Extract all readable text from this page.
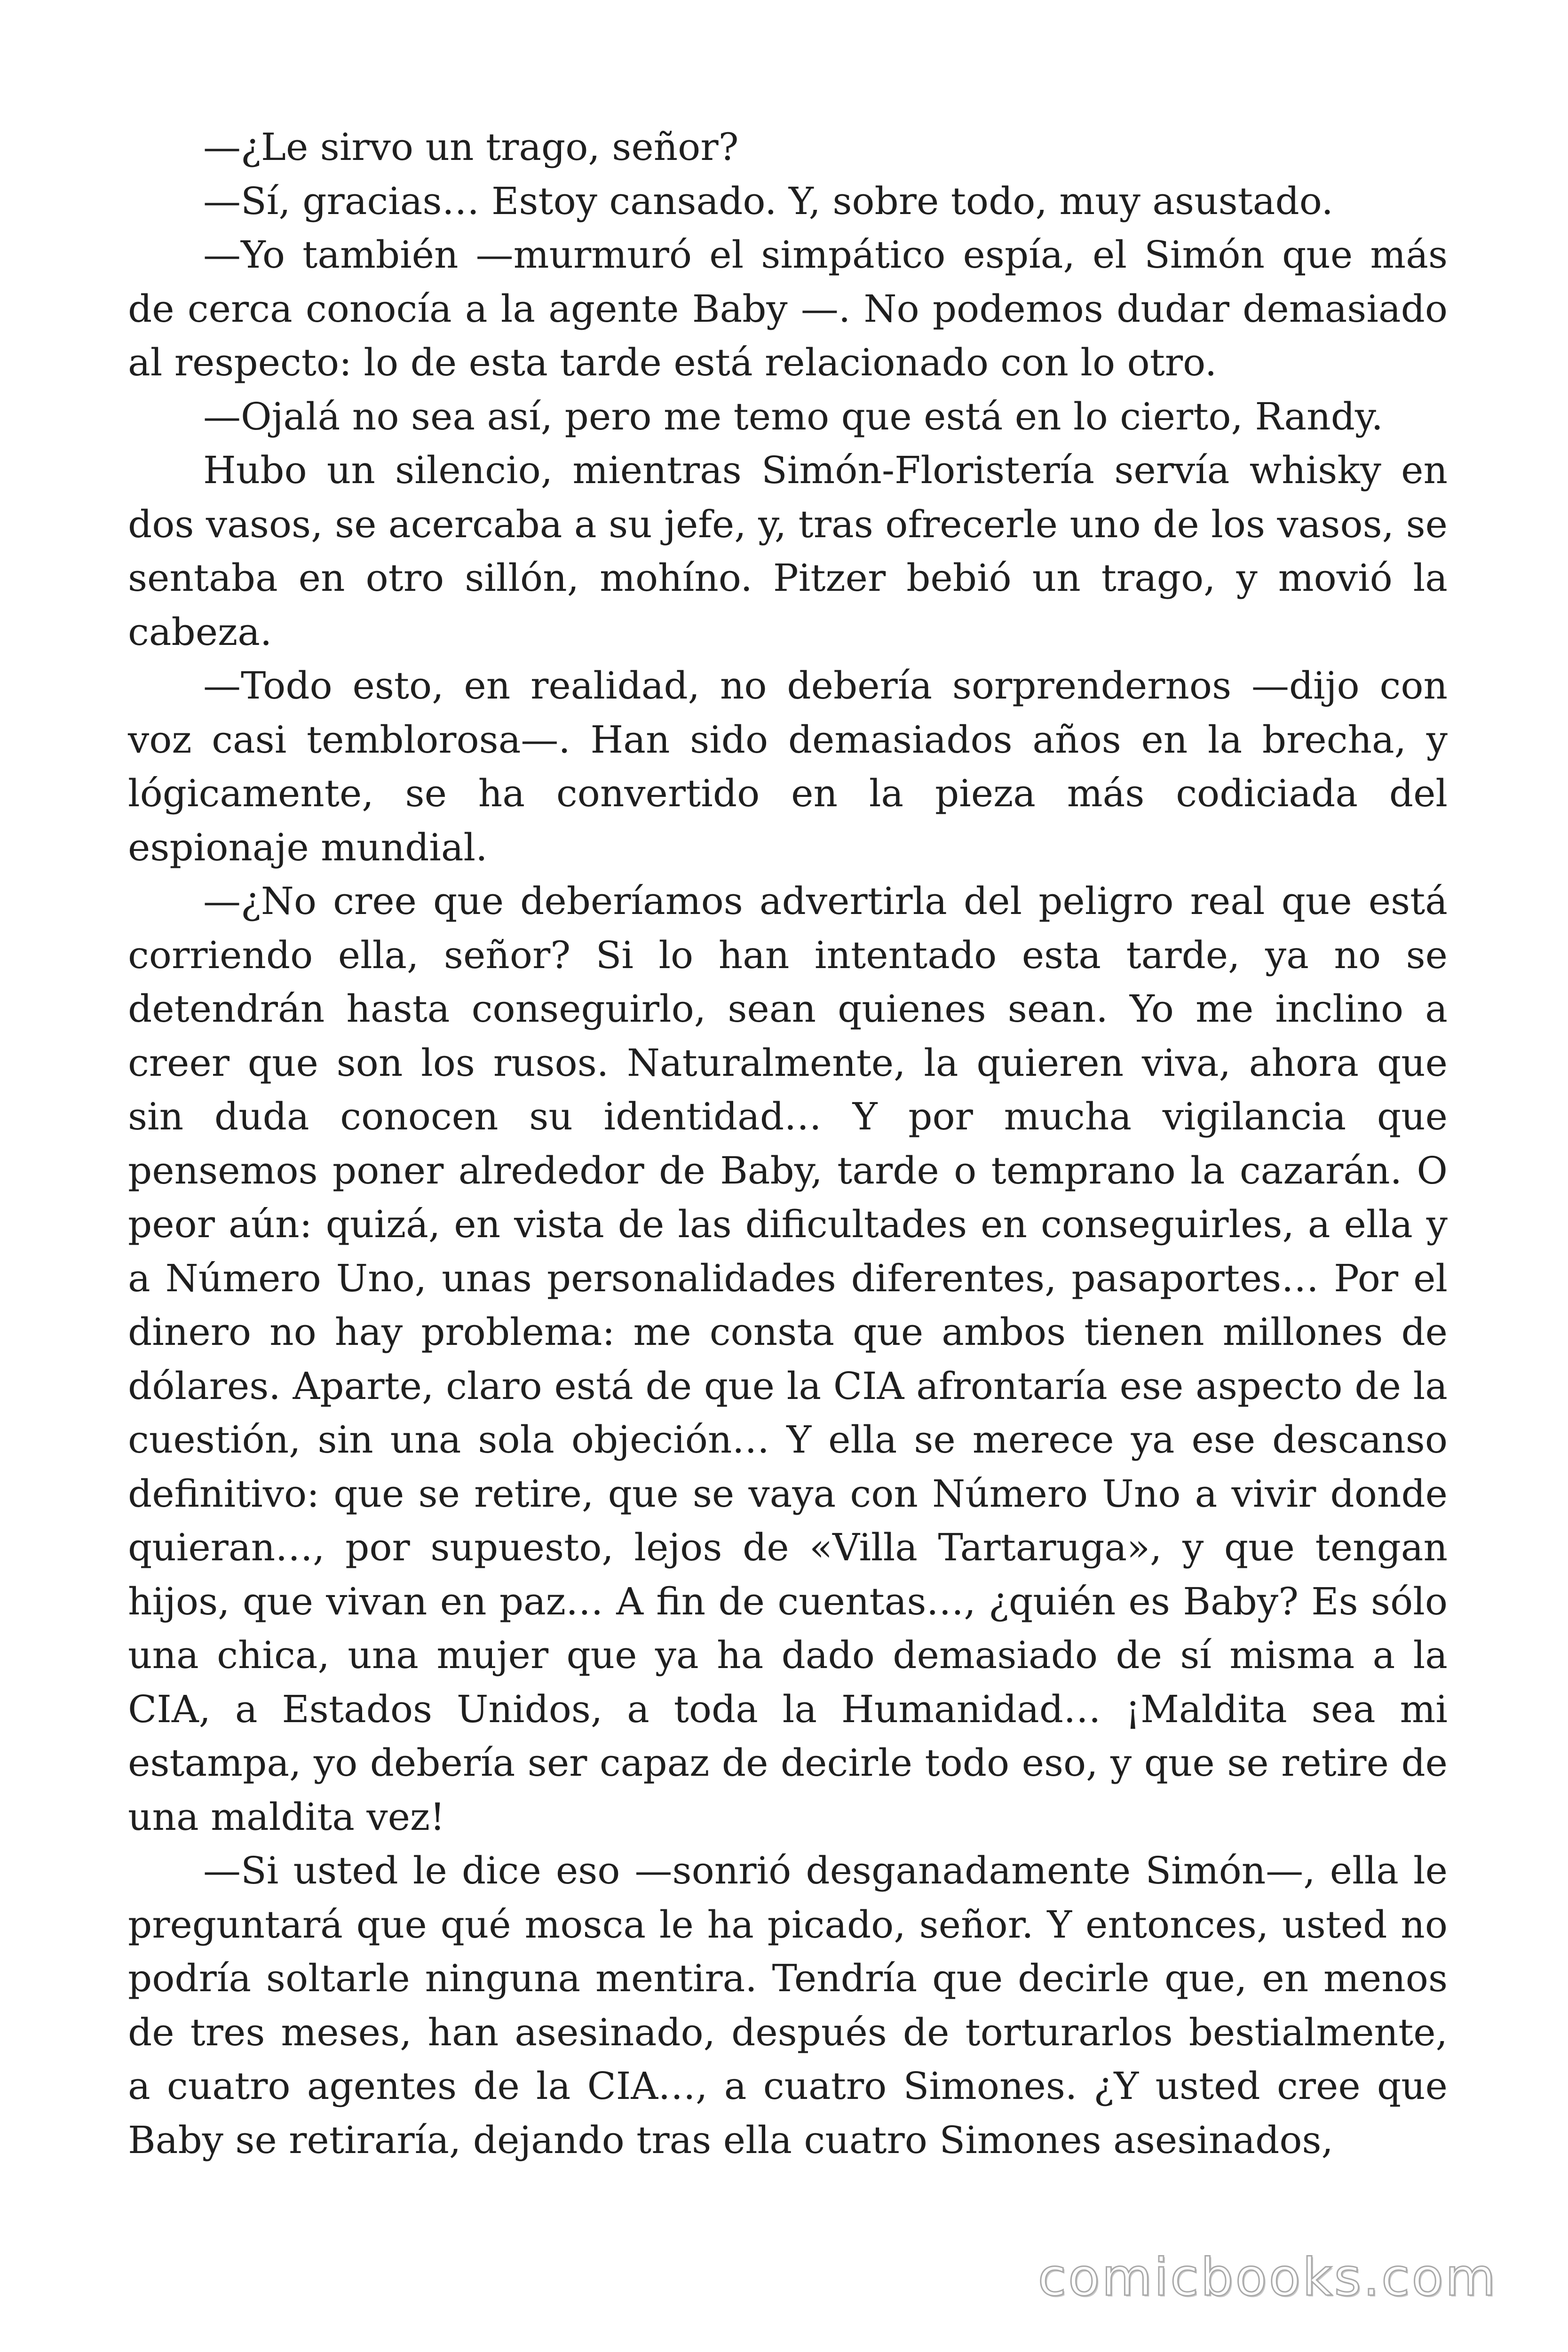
—¿Le sirvo un trago, señor?

—Sí, gracias… Estoy cansado. Y, sobre todo, muy asustado.

—Yo también —murmuró el simpático espía, el Simón que más de cerca conocía a la agente Baby —. No podemos dudar demasiado al respecto: lo de esta tarde está relacionado con lo otro.

—Ojalá no sea así, pero me temo que está en lo cierto, Randy.

Hubo un silencio, mientras Simón-Floristería servía whisky en dos vasos, se acercaba a su jefe, y, tras ofrecerle uno de los vasos, se sentaba en otro sillón, mohíno. Pitzer bebió un trago, y movió la cabeza.

—Todo esto, en realidad, no debería sorprendernos —dijo con voz casi temblorosa—. Han sido demasiados años en la brecha, y lógicamente, se ha convertido en la pieza más codiciada del espionaje mundial.

—¿No cree que deberíamos advertirla del peligro real que está corriendo ella, señor? Si lo han intentado esta tarde, ya no se detendrán hasta conseguirlo, sean quienes sean. Yo me inclino a creer que son los rusos. Naturalmente, la quieren viva, ahora que sin duda conocen su identidad… Y por mucha vigilancia que pensemos poner alrededor de Baby, tarde o temprano la cazarán. O peor aún: quizá, en vista de las dificultades en conseguirles, a ella y a Número Uno, unas personalidades diferentes, pasaportes… Por el dinero no hay problema: me consta que ambos tienen millones de dólares. Aparte, claro está de que la CIA afrontaría ese aspecto de la cuestión, sin una sola objeción… Y ella se merece ya ese descanso definitivo: que se retire, que se vaya con Número Uno a vivir donde quieran…, por supuesto, lejos de «Villa Tartaruga», y que tengan hijos, que vivan en paz… A fin de cuentas…, ¿quién es Baby? Es sólo una chica, una mujer que ya ha dado demasiado de sí misma a la CIA, a Estados Unidos, a toda la Humanidad… ¡Maldita sea mi estampa, yo debería ser capaz de decirle todo eso, y que se retire de una maldita vez!

—Si usted le dice eso —sonrió desganadamente Simón—, ella le preguntará que qué mosca le ha picado, señor. Y entonces, usted no podría soltarle ninguna mentira. Tendría que decirle que, en menos de tres meses, han asesinado, después de torturarlos bestialmente, a cuatro agentes de la CIA…, a cuatro Simones. ¿Y usted cree que Baby se retiraría, dejando tras ella cuatro Simones asesinados,

comicbooks.com
